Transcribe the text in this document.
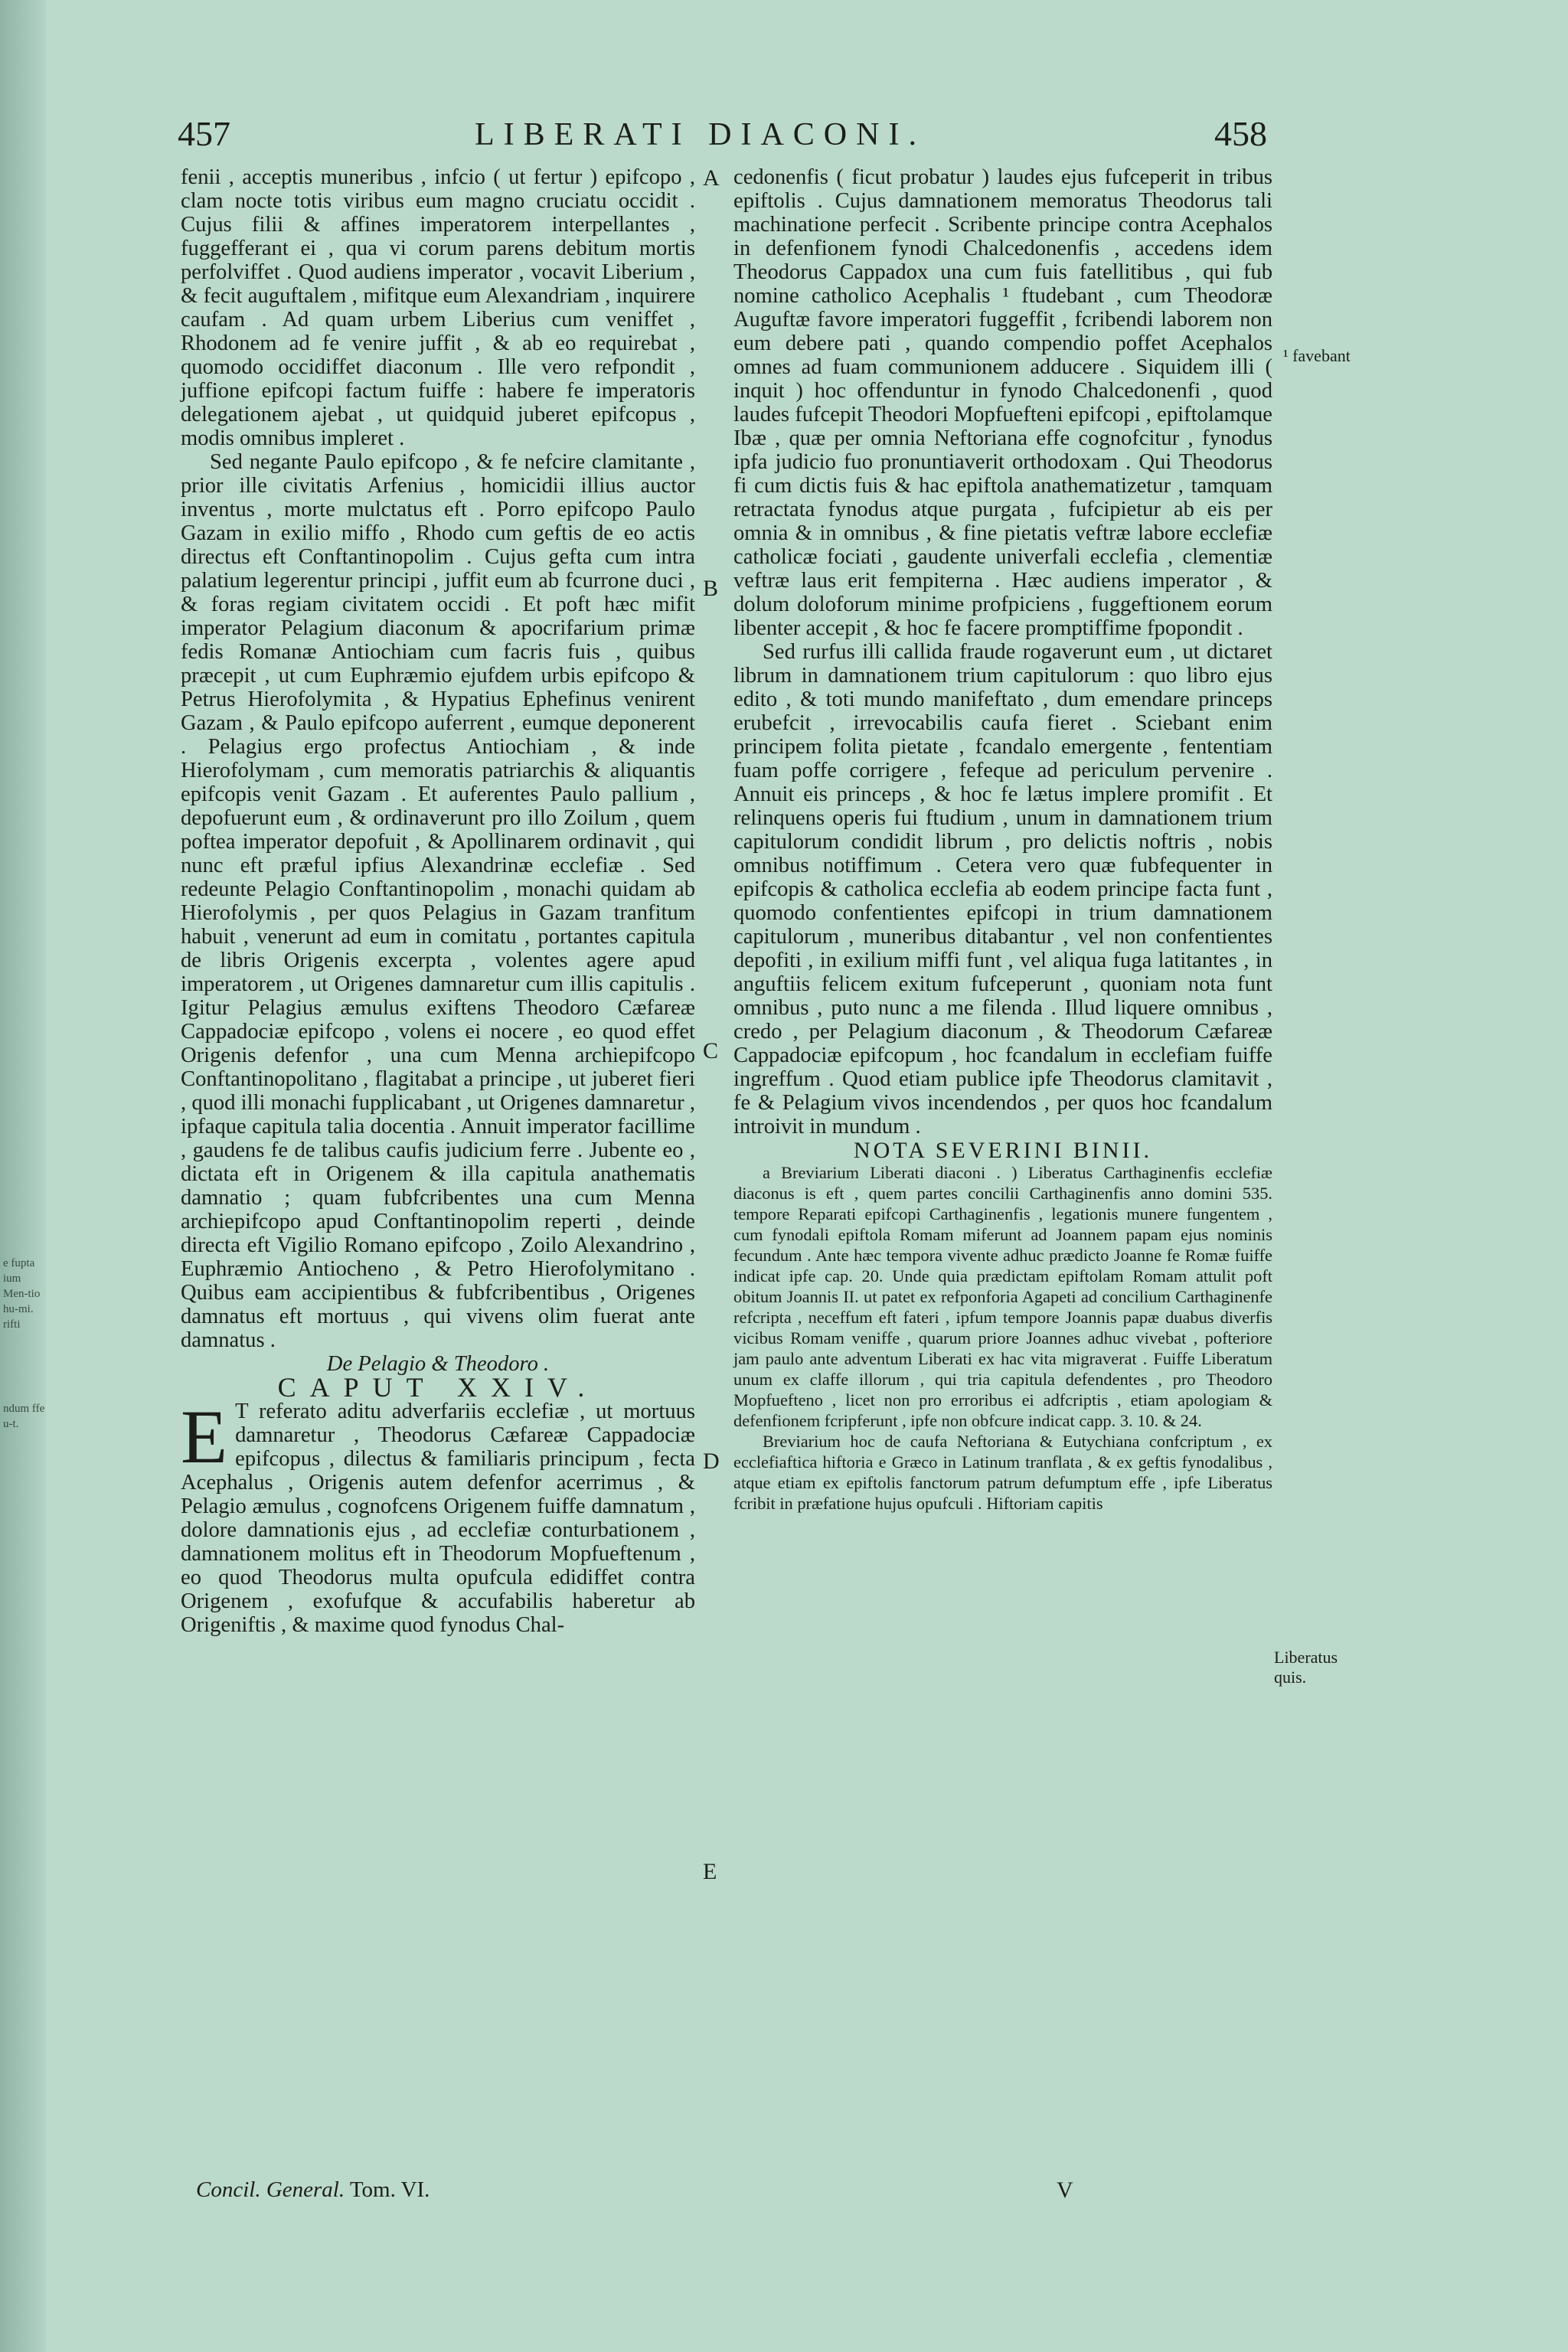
e fupta ium Men-tio hu-mi. rifti
ndum ffe u-t.
457	LIBERATI DIACONI.	458
A
B
C
D
E
¹ favebant
Liberatus quis.

fenii , acceptis muneribus , infcio ( ut fertur ) epifcopo , clam nocte totis viribus eum magno cruciatu occidit . Cujus filii & affines imperatorem interpellantes , fuggefferant ei , qua vi corum parens debitum mortis perfolviffet . Quod audiens imperator , vocavit Liberium , & fecit auguftalem , mifitque eum Alexandriam , inquirere caufam . Ad quam urbem Liberius cum veniffet , Rhodonem ad fe venire juffit , & ab eo requirebat , quomodo occidiffet diaconum . Ille vero refpondit , juffione epifcopi factum fuiffe : habere fe imperatoris delegationem ajebat , ut quidquid juberet epifcopus , modis omnibus impleret .

Sed negante Paulo epifcopo , & fe nefcire clamitante , prior ille civitatis Arfenius , homicidii illius auctor inventus , morte mulctatus eft . Porro epifcopo Paulo Gazam in exilio miffo , Rhodo cum geftis de eo actis directus eft Conftantinopolim . Cujus gefta cum intra palatium legerentur principi , juffit eum ab fcurrone duci , & foras regiam civitatem occidi . Et poft hæc mifit imperator Pelagium diaconum & apocrifarium primæ fedis Romanæ Antiochiam cum facris fuis , quibus præcepit , ut cum Euphræmio ejufdem urbis epifcopo & Petrus Hierofolymita , & Hypatius Ephefinus venirent Gazam , & Paulo epifcopo auferrent , eumque deponerent . Pelagius ergo profectus Antiochiam , & inde Hierofolymam , cum memoratis patriarchis & aliquantis epifcopis venit Gazam . Et auferentes Paulo pallium , depofuerunt eum , & ordinaverunt pro illo Zoilum , quem poftea imperator depofuit , & Apollinarem ordinavit , qui nunc eft præful ipfius Alexandrinæ ecclefiæ . Sed redeunte Pelagio Conftantinopolim , monachi quidam ab Hierofolymis , per quos Pelagius in Gazam tranfitum habuit , venerunt ad eum in comitatu , portantes capitula de libris Origenis excerpta , volentes agere apud imperatorem , ut Origenes damnaretur cum illis capitulis . Igitur Pelagius æmulus exiftens Theodoro Cæfareæ Cappadociæ epifcopo , volens ei nocere , eo quod effet Origenis defenfor , una cum Menna archiepifcopo Conftantinopolitano , flagitabat a principe , ut juberet fieri , quod illi monachi fupplicabant , ut Origenes damnaretur , ipfaque capitula talia docentia . Annuit imperator facillime , gaudens fe de talibus caufis judicium ferre . Jubente eo , dictata eft in Origenem & illa capitula anathematis damnatio ; quam fubfcribentes una cum Menna archiepifcopo apud Conftantinopolim reperti , deinde directa eft Vigilio Romano epifcopo , Zoilo Alexandrino , Euphræmio Antiocheno , & Petro Hierofolymitano . Quibus eam accipientibus & fubfcribentibus , Origenes damnatus eft mortuus , qui vivens olim fuerat ante damnatus .

De Pelagio & Theodoro .

CAPUT XXIV.

E T referato aditu adverfariis ecclefiæ , ut mortuus damnaretur , Theodorus Cæfareæ Cappadociæ epifcopus , dilectus & familiaris principum , fecta Acephalus , Origenis autem defenfor acerrimus , & Pelagio æmulus , cognofcens Origenem fuiffe damnatum , dolore damnationis ejus , ad ecclefiæ conturbationem , damnationem molitus eft in Theodorum Mopfueftenum , eo quod Theodorus multa opufcula edidiffet contra Origenem , exofufque & accufabilis haberetur ab Origeniftis , & maxime quod fynodus Chal-

cedonenfis ( ficut probatur ) laudes ejus fufceperit in tribus epiftolis . Cujus damnationem memoratus Theodorus tali machinatione perfecit . Scribente principe contra Acephalos in defenfionem fynodi Chalcedonenfis , accedens idem Theodorus Cappadox una cum fuis fatellitibus , qui fub nomine catholico Acephalis ¹ ftudebant , cum Theodoræ Auguftæ favore imperatori fuggeffit , fcribendi laborem non eum debere pati , quando compendio poffet Acephalos omnes ad fuam communionem adducere . Siquidem illi ( inquit ) hoc offenduntur in fynodo Chalcedonenfi , quod laudes fufcepit Theodori Mopfuefteni epifcopi , epiftolamque Ibæ , quæ per omnia Neftoriana effe cognofcitur , fynodus ipfa judicio fuo pronuntiaverit orthodoxam . Qui Theodorus fi cum dictis fuis & hac epiftola anathematizetur , tamquam retractata fynodus atque purgata , fufcipietur ab eis per omnia & in omnibus , & fine pietatis veftræ labore ecclefiæ catholicæ fociati , gaudente univerfali ecclefia , clementiæ veftræ laus erit fempiterna . Hæc audiens imperator , & dolum doloforum minime profpiciens , fuggeftionem eorum libenter accepit , & hoc fe facere promptiffime fpopondit .

Sed rurfus illi callida fraude rogaverunt eum , ut dictaret librum in damnationem trium capitulorum : quo libro ejus edito , & toti mundo manifeftato , dum emendare princeps erubefcit , irrevocabilis caufa fieret . Sciebant enim principem folita pietate , fcandalo emergente , fententiam fuam poffe corrigere , fefeque ad periculum pervenire . Annuit eis princeps , & hoc fe lætus implere promifit . Et relinquens operis fui ftudium , unum in damnationem trium capitulorum condidit librum , pro delictis noftris , nobis omnibus notiffimum . Cetera vero quæ fubfequenter in epifcopis & catholica ecclefia ab eodem principe facta funt , quomodo confentientes epifcopi in trium damnationem capitulorum , muneribus ditabantur , vel non confentientes depofiti , in exilium miffi funt , vel aliqua fuga latitantes , in anguftiis felicem exitum fufceperunt , quoniam nota funt omnibus , puto nunc a me filenda . Illud liquere omnibus , credo , per Pelagium diaconum , & Theodorum Cæfareæ Cappadociæ epifcopum , hoc fcandalum in ecclefiam fuiffe ingreffum . Quod etiam publice ipfe Theodorus clamitavit , fe & Pelagium vivos incendendos , per quos hoc fcandalum introivit in mundum .

NOTA SEVERINI BINII.

a Breviarium Liberati diaconi . ) Liberatus Carthaginenfis ecclefiæ diaconus is eft , quem partes concilii Carthaginenfis anno domini 535. tempore Reparati epifcopi Carthaginenfis , legationis munere fungentem , cum fynodali epiftola Romam miferunt ad Joannem papam ejus nominis fecundum . Ante hæc tempora vivente adhuc prædicto Joanne fe Romæ fuiffe indicat ipfe cap. 20. Unde quia prædictam epiftolam Romam attulit poft obitum Joannis II. ut patet ex refponforia Agapeti ad concilium Carthaginenfe refcripta , neceffum eft fateri , ipfum tempore Joannis papæ duabus diverfis vicibus Romam veniffe , quarum priore Joannes adhuc vivebat , pofteriore jam paulo ante adventum Liberati ex hac vita migraverat . Fuiffe Liberatum unum ex claffe illorum , qui tria capitula defendentes , pro Theodoro Mopfueftenο , licet non pro erroribus ei adfcriptis , etiam apologiam & defenfionem fcripferunt , ipfe non obfcure indicat capp. 3. 10. & 24.

Breviarium hoc de caufa Neftoriana & Eutychiana confcriptum , ex ecclefiaftica hiftoria e Græco in Latinum tranflata , & ex geftis fynodalibus , atque etiam ex epiftolis fanctorum patrum defumptum effe , ipfe Liberatus fcribit in præfatione hujus opufculi . Hiftoriam capitis

Concil. General. Tom. VI.	V
